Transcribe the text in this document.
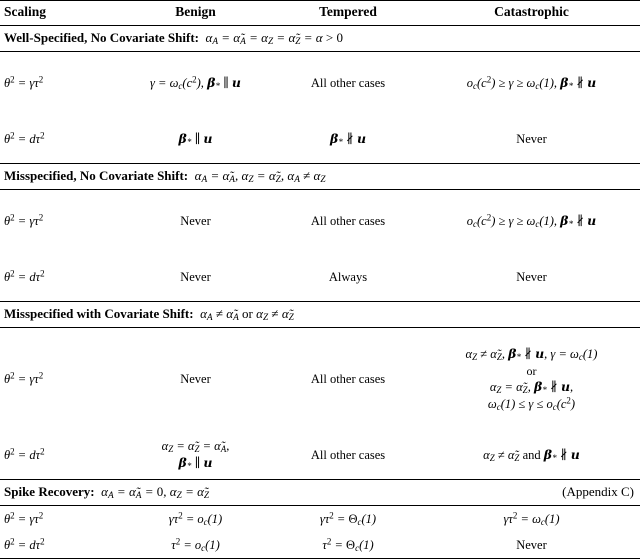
Scaling	Benign	Tempered	Catastrophic
Well-Specified, No Covariate Shift:  $\alpha_A$ = $\alphã_A = \alpha_Z$ = $\alphã_Z = \alpha > 0$			
$\theta^2 = \gamma\tau^2$	$\gamma = \omega_c(c^2)$, $\beta_*$ ∥ u	All other cases	$o_c(c^2) \ge \gamma \ge \omega_c(1)$, $\beta_*$ ∦ u
$\theta^2 = d\tau^2$	$\beta_*$ ∥ u	$\beta_*$ ∦ u	Never
Misspecified, No Covariate Shift:  $\alpha_A$ = $\alphã_A$, $\alpha_Z$ = $\alphã_Z$, $\alpha_A \ne \alpha_Z$
$\theta^2 = \gamma\tau^2$	Never	All other cases	$o_c(c^2) \ge \gamma \ge \omega_c(1)$, $\beta_*$ ∦ u
$\theta^2 = d\tau^2$	Never	Always	Never
Misspecified with Covariate Shift:  $\alpha_A$ ≠ $\alphã_A$ or $\alpha_Z$ ≠ $\alphã_Z$
$\theta^2 = \gamma\tau^2$	Never	All other cases	$\alpha_Z$ ≠ $\alphã_Z$, $\beta_*$ ∦ u, $\gamma = \omega_c(1)$
or
$\alpha_Z$ = $\alphã_Z$, $\beta_*$ ∦ u,
$\omega_c(1) \le \gamma \le o_c(c^2)$

$\theta^2 = d\tau^2$	$\alpha_Z$ = $\alphã_Z$ = $\alphã_A$,
$\beta_*$ ∥ u	All other cases	$\alpha_Z$ ≠ $\alphã_Z$ and $\beta_*$ ∦ u

(Appendix C)
Spike Recovery:  $\alpha_A$ = $\alphã_A = 0$, $\alpha_Z$ = $\alphã_Z$
$\theta^2 = \gamma\tau^2$	$\gamma\tau^2 = o_c(1)$	$\gamma\tau^2 = \Theta_c(1)$	$\gamma\tau^2 = \omega_c(1)$
$\theta^2 = d\tau^2$	$\tau^2 = o_c(1)$	$\tau^2 = \Theta_c(1)$	Never
